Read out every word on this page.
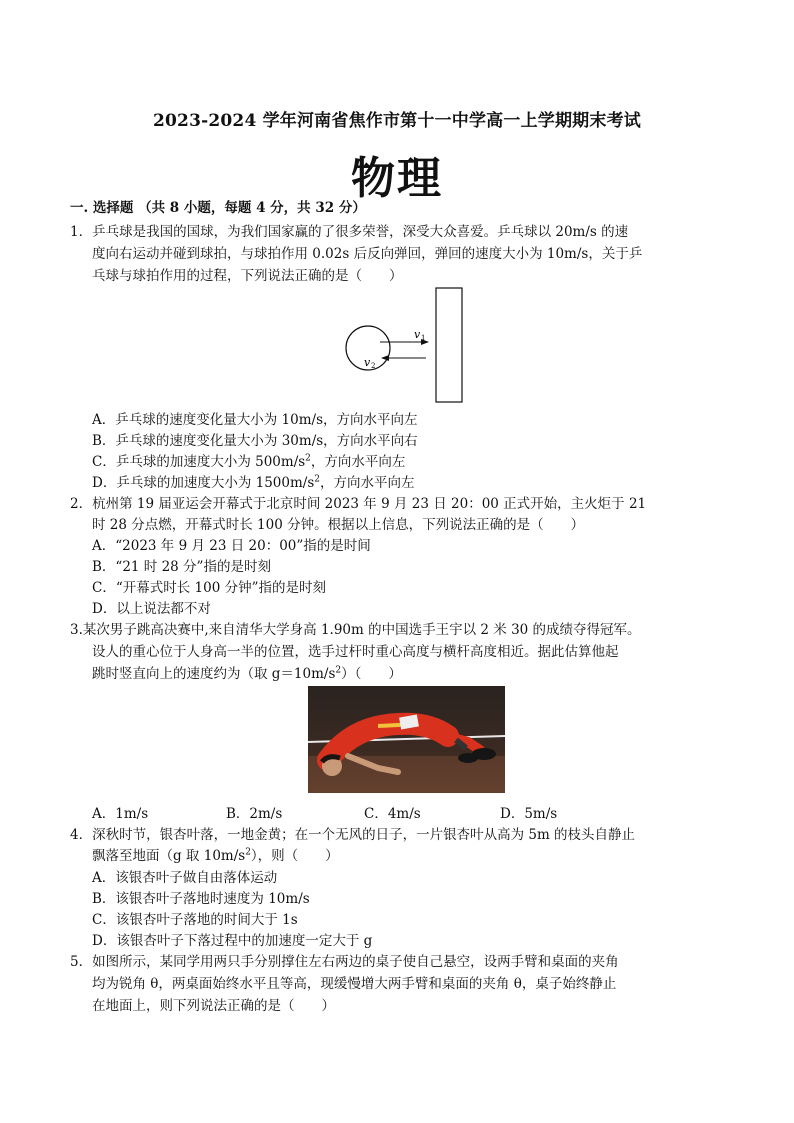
2023-2024 学年河南省焦作市第十一中学高一上学期期末考试
物理
一. 选择题 （共 8 小题，每题 4 分，共 32 分）
1．乒乓球是我国的国球，为我们国家赢的了很多荣誉，深受大众喜爱。乒乓球以 20m/s 的速
度向右运动并碰到球拍，与球拍作用 0.02s 后反向弹回，弹回的速度大小为 10m/s，关于乒
乓球与球拍作用的过程，下列说法正确的是（　　）
v 1
v 2
A．乒乓球的速度变化量大小为 10m/s，方向水平向左
B．乒乓球的速度变化量大小为 30m/s，方向水平向右
C．乒乓球的加速度大小为 $500m/s^2$，方向水平向左
D．乒乓球的加速度大小为 $1500m/s^2$，方向水平向左
2．杭州第 19 届亚运会开幕式于北京时间 2023 年 9 月 23 日 20：00 正式开始，主火炬于 21
时 28 分点燃，开幕式时长 100 分钟。根据以上信息，下列说法正确的是（　　）
A．“2023 年 9 月 23 日 20：00”指的是时间
B．“21 时 28 分”指的是时刻
C．“开幕式时长 100 分钟”指的是时刻
D．以上说法都不对
3.某次男子跳高决赛中,来自清华大学身高 1.90m 的中国选手王宇以 2 米 30 的成绩夺得冠军。
设人的重心位于人身高一半的位置，选手过杆时重心高度与横杆高度相近。据此估算他起
跳时竖直向上的速度约为（取 $g=10m/s^2$）（　　）
A．1m/s	B．2m/s	C．4m/s	D．5m/s
4．深秋时节，银杏叶落，一地金黄；在一个无风的日子，一片银杏叶从高为 5m 的枝头自静止
飘落至地面（g 取 $10m/s^2$），则（　　）
A．该银杏叶子做自由落体运动
B．该银杏叶子落地时速度为 10m/s
C．该银杏叶子落地的时间大于 1s
D．该银杏叶子下落过程中的加速度一定大于 g
5．如图所示，某同学用两只手分别撑住左右两边的桌子使自己悬空，设两手臂和桌面的夹角
均为锐角 θ，两桌面始终水平且等高，现缓慢增大两手臂和桌面的夹角 θ，桌子始终静止
在地面上，则下列说法正确的是（　　）
